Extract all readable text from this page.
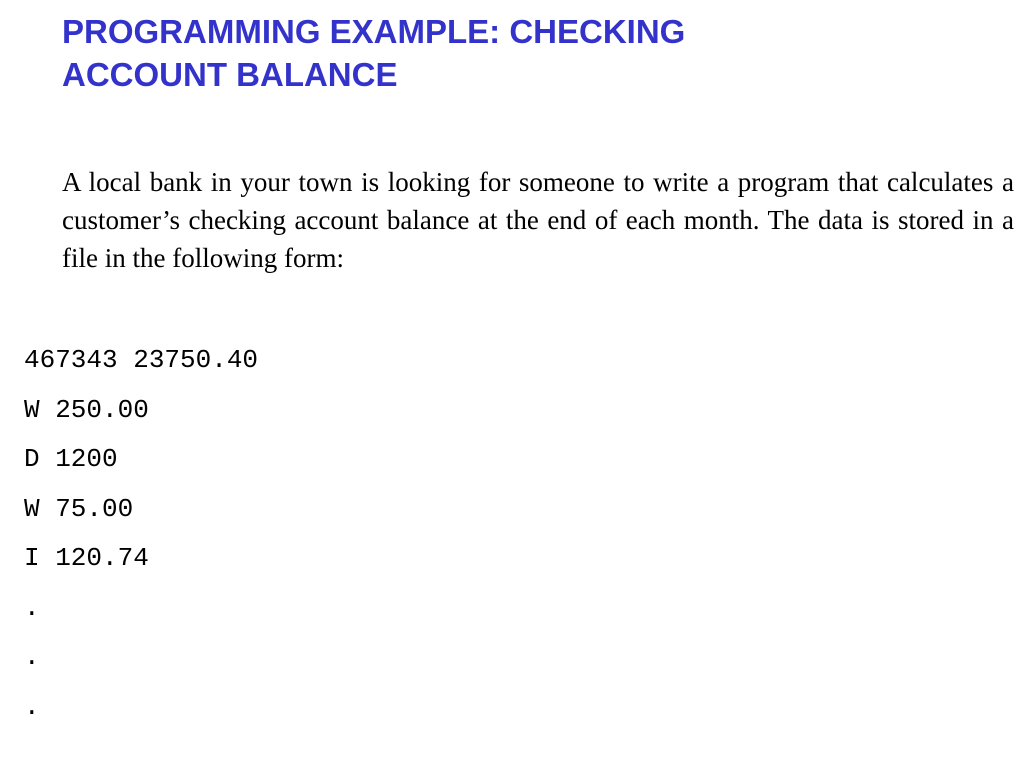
PROGRAMMING EXAMPLE: CHECKING
ACCOUNT BALANCE

A local bank in your town is looking for someone to write a program that calculates a customer’s checking account balance at the end of each month. The data is stored in a file in the following form:

467343 23750.40
W 250.00
D 1200
W 75.00
I 120.74
.
.
.
